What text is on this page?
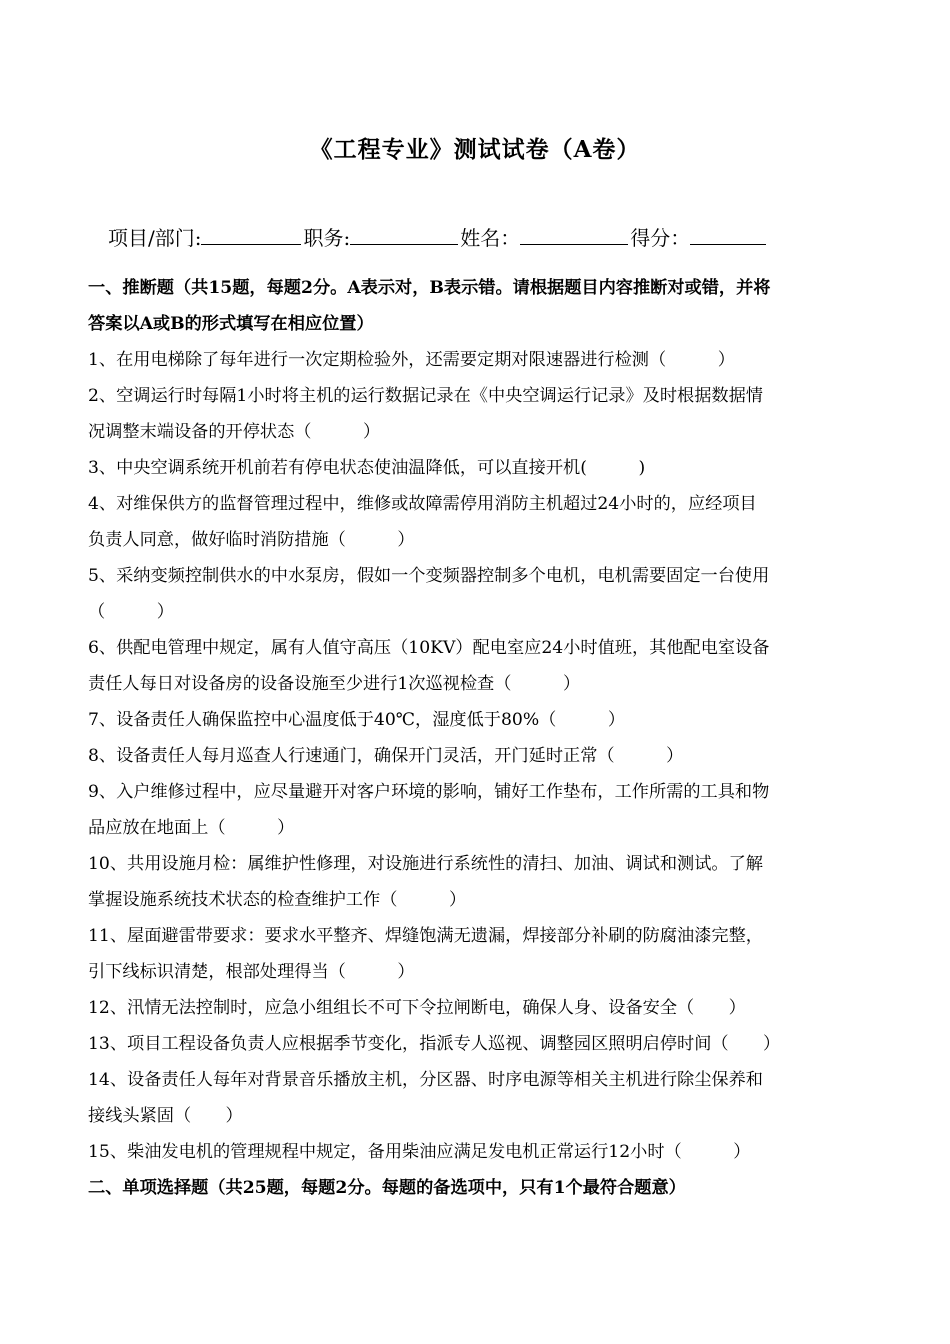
《工程专业》测试试卷（A卷）
项目/部门:	职务:	姓名：	得分：
一、推断题（共15题，每题2分。A表示对，B表示错。请根据题目内容推断对或错，并将
答案以A或B的形式填写在相应位置）
1、在用电梯除了每年进行一次定期检验外，还需要定期对限速器进行检测（　　　）
2、空调运行时每隔1小时将主机的运行数据记录在《中央空调运行记录》及时根据数据情
况调整末端设备的开停状态（　　　）
3、中央空调系统开机前若有停电状态使油温降低，可以直接开机(　　　)
4、对维保供方的监督管理过程中，维修或故障需停用消防主机超过24小时的，应经项目
负责人同意，做好临时消防措施（　　　）
5、采纳变频控制供水的中水泵房，假如一个变频器控制多个电机，电机需要固定一台使用
（　　　）
6、供配电管理中规定，属有人值守高压（10KV）配电室应24小时值班，其他配电室设备
责任人每日对设备房的设备设施至少进行1次巡视检查（　　　）
7、设备责任人确保监控中心温度低于40℃，湿度低于80%（　　　）
8、设备责任人每月巡查人行速通门，确保开门灵活，开门延时正常（　　　）
9、入户维修过程中，应尽量避开对客户环境的影响，铺好工作垫布，工作所需的工具和物
品应放在地面上（　　　）
10、共用设施月检：属维护性修理，对设施进行系统性的清扫、加油、调试和测试。了解
掌握设施系统技术状态的检查维护工作（　　　）
11、屋面避雷带要求：要求水平整齐、焊缝饱满无遗漏，焊接部分补刷的防腐油漆完整，
引下线标识清楚，根部处理得当（　　　）
12、汛情无法控制时，应急小组组长不可下令拉闸断电，确保人身、设备安全（　　）
13、项目工程设备负责人应根据季节变化，指派专人巡视、调整园区照明启停时间（　　）
14、设备责任人每年对背景音乐播放主机，分区器、时序电源等相关主机进行除尘保养和
接线头紧固（　　）
15、柴油发电机的管理规程中规定，备用柴油应满足发电机正常运行12小时（　　　）
二、单项选择题（共25题，每题2分。每题的备选项中，只有1个最符合题意）
